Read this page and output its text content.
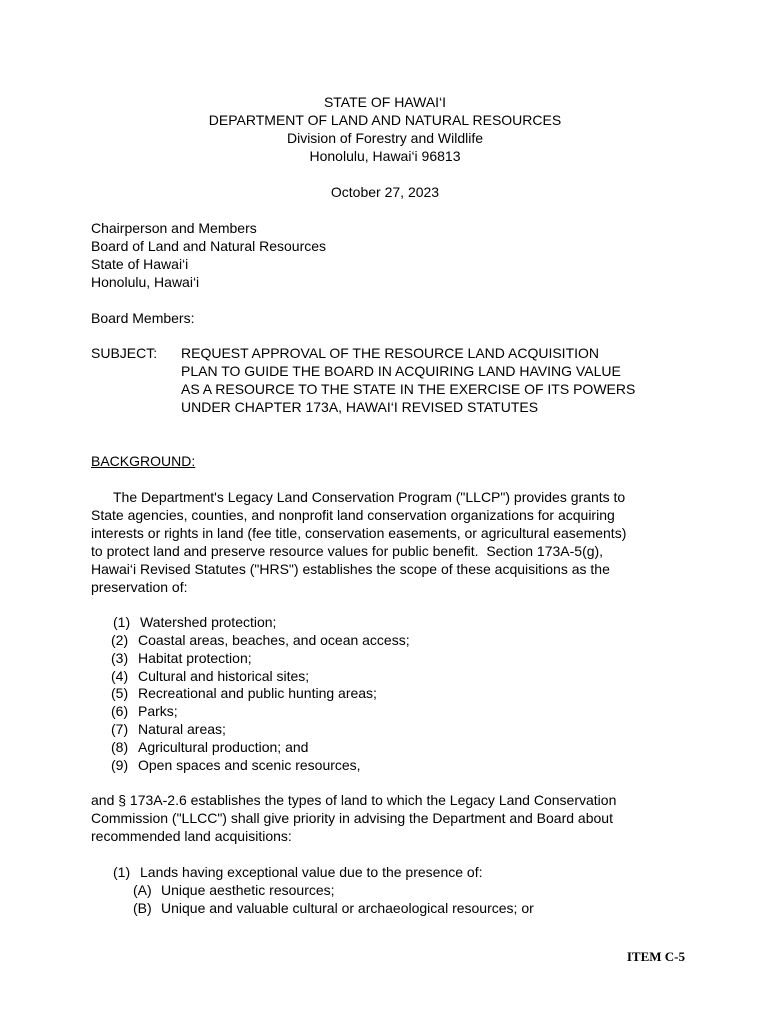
STATE OF HAWAI‘I
DEPARTMENT OF LAND AND NATURAL RESOURCES
Division of Forestry and Wildlife
Honolulu, Hawai‘i 96813
October 27, 2023
Chairperson and Members
Board of Land and Natural Resources
State of Hawai‘i
Honolulu, Hawai‘i
Board Members:
SUBJECT: REQUEST APPROVAL OF THE RESOURCE LAND ACQUISITION
PLAN TO GUIDE THE BOARD IN ACQUIRING LAND HAVING VALUE
AS A RESOURCE TO THE STATE IN THE EXERCISE OF ITS POWERS
UNDER CHAPTER 173A, HAWAI‘I REVISED STATUTES
BACKGROUND:
The Department's Legacy Land Conservation Program ("LLCP") provides grants to
State agencies, counties, and nonprofit land conservation organizations for acquiring
interests or rights in land (fee title, conservation easements, or agricultural easements)
to protect land and preserve resource values for public benefit.  Section 173A-5(g),
Hawai‘i Revised Statutes ("HRS") establishes the scope of these acquisitions as the
preservation of:
(1) Watershed protection;
(2) Coastal areas, beaches, and ocean access;
(3) Habitat protection;
(4) Cultural and historical sites;
(5) Recreational and public hunting areas;
(6) Parks;
(7) Natural areas;
(8) Agricultural production; and
(9) Open spaces and scenic resources,
and § 173A-2.6 establishes the types of land to which the Legacy Land Conservation
Commission ("LLCC") shall give priority in advising the Department and Board about
recommended land acquisitions:
(1) Lands having exceptional value due to the presence of:
(A) Unique aesthetic resources;
(B) Unique and valuable cultural or archaeological resources; or
ITEM C-5
